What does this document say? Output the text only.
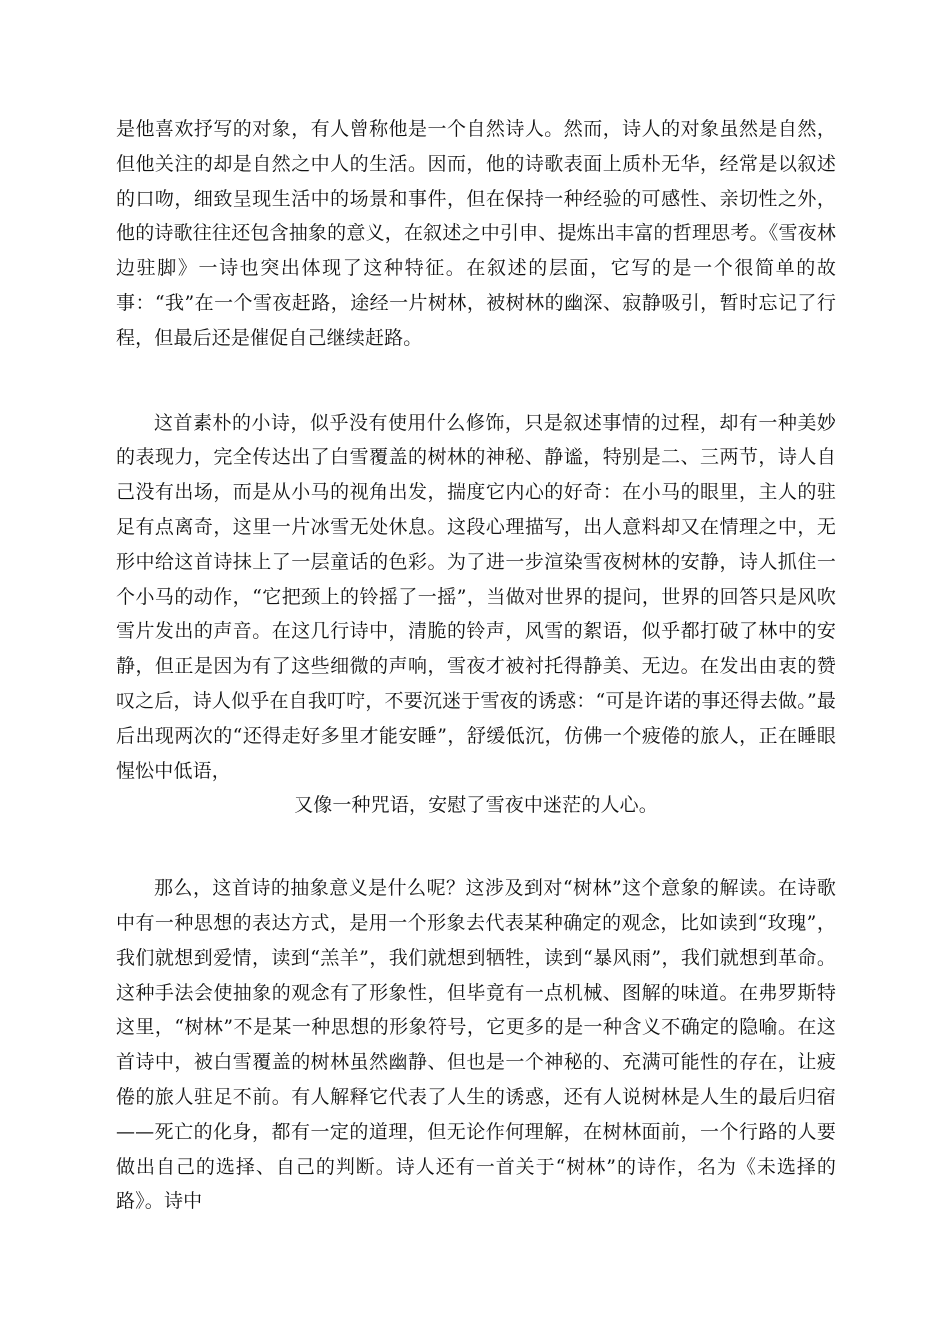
是他喜欢抒写的对象，有人曾称他是一个自然诗人。然而，诗人的对象虽然是自然，但他关注的却是自然之中人的生活。因而，他的诗歌表面上质朴无华，经常是以叙述的口吻，细致呈现生活中的场景和事件，但在保持一种经验的可感性、亲切性之外，他的诗歌往往还包含抽象的意义，在叙述之中引申、提炼出丰富的哲理思考。《雪夜林边驻脚》一诗也突出体现了这种特征。在叙述的层面，它写的是一个很简单的故事：“我”在一个雪夜赶路，途经一片树林，被树林的幽深、寂静吸引，暂时忘记了行程，但最后还是催促自己继续赶路。

这首素朴的小诗，似乎没有使用什么修饰，只是叙述事情的过程，却有一种美妙的表现力，完全传达出了白雪覆盖的树林的神秘、静谧，特别是二、三两节，诗人自己没有出场，而是从小马的视角出发，揣度它内心的好奇：在小马的眼里，主人的驻足有点离奇，这里一片冰雪无处休息。这段心理描写，出人意料却又在情理之中，无形中给这首诗抹上了一层童话的色彩。为了进一步渲染雪夜树林的安静，诗人抓住一个小马的动作，“它把颈上的铃摇了一摇”，当做对世界的提问，世界的回答只是风吹雪片发出的声音。在这几行诗中，清脆的铃声，风雪的絮语，似乎都打破了林中的安静，但正是因为有了这些细微的声响，雪夜才被衬托得静美、无边。在发出由衷的赞叹之后，诗人似乎在自我叮咛，不要沉迷于雪夜的诱惑：“可是许诺的事还得去做。”最后出现两次的“还得走好多里才能安睡”，舒缓低沉，仿佛一个疲倦的旅人，正在睡眼惺忪中低语，
又像一种咒语，安慰了雪夜中迷茫的人心。

那么，这首诗的抽象意义是什么呢？这涉及到对“树林”这个意象的解读。在诗歌中有一种思想的表达方式，是用一个形象去代表某种确定的观念，比如读到“玫瑰”，我们就想到爱情，读到“羔羊”，我们就想到牺牲，读到“暴风雨”，我们就想到革命。这种手法会使抽象的观念有了形象性，但毕竟有一点机械、图解的味道。在弗罗斯特这里，“树林”不是某一种思想的形象符号，它更多的是一种含义不确定的隐喻。在这首诗中，被白雪覆盖的树林虽然幽静、但也是一个神秘的、充满可能性的存在，让疲倦的旅人驻足不前。有人解释它代表了人生的诱惑，还有人说树林是人生的最后归宿——死亡的化身，都有一定的道理，但无论作何理解，在树林面前，一个行路的人要做出自己的选择、自己的判断。诗人还有一首关于“树林”的诗作，名为《未选择的路》。诗中
